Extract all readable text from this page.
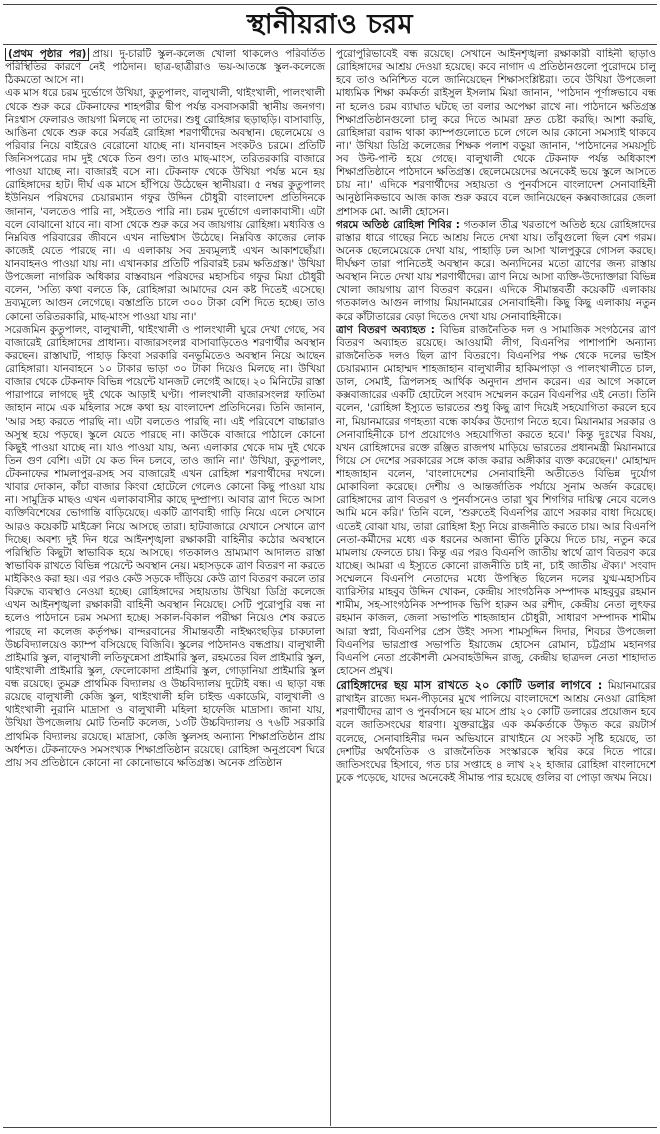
স্থানীয়রাও চরম

(প্রথম পৃষ্ঠার পর) প্রায়। দু-চারটি স্কুল-কলেজ খোলা থাকলেও পরিবর্তিত পরিস্থিতির কারণে নেই পাঠদান। ছাত্র-ছাত্রীরাও ভয়-আতঙ্কে স্কুল-কলেজে ঠিকমতো আসে না।

এক মাস ধরে চরম দুর্ভোগে উখিয়া, কুতুপালং, বালুখালী, থাইংখালী, পালংখালী থেকে শুরু করে টেকনাফের শাহপরীর দ্বীপ পর্যন্ত বসবাসকারী স্থানীয় জনগণ। নিঃশ্বাস ফেলারও জায়গা মিলছে না তাদের। শুধু রোহিঙ্গার ছড়াছড়ি। বাসাবাড়ি, আঙিনা থেকে শুরু করে সর্বত্রই রোহিঙ্গা শরণার্থীদের অবস্থান। ছেলেমেয়ে ও পরিবার নিয়ে বাইরেও বেরোনো যাচ্ছে না। যানবাহন সংকটও চরমে। প্রতিটি জিনিসপত্রের দাম দুই থেকে তিন গুণ। তাও মাছ-মাংস, তরিতরকারি বাজারে পাওয়া যাচ্ছে না। বাজারই বসে না। টেকনাফ থেকে উখিয়া পর্যন্ত মনে হয় রোহিঙ্গাদের হাট। দীর্ঘ এক মাসে হাঁপিয়ে উঠেছেন স্থানীয়রা। ৫ নম্বর কুতুপালং ইউনিয়ন পরিষদের চেয়ারম্যান গফুর উদ্দিন চৌধুরী বাংলাদেশ প্রতিদিনকে জানান, 'বলতেও পারি না, সইতেও পারি না। চরম দুর্ভোগে এলাকাবাসী। এটা বলে বোঝানো যাবে না। বাসা থেকে শুরু করে সব জায়গায় রোহিঙ্গা। মধ্যবিত্ত ও নিম্নবিত্ত পরিবারের জীবনে এখন নাভিশ্বাস উঠেছে। নিম্নবিত্ত কাজের লোক কাজেই যেতে পারছে না। এ এলাকায় সব দ্রব্যমূল্যই এখন আকাশছোঁয়া। যানবাহনও পাওয়া যায় না। এখানকার প্রতিটি পরিবারই চরম ক্ষতিগ্রস্ত।' উখিয়া উপজেলা নাগরিক অধিকার বাস্তবায়ন পরিষদের মহাসচিব গফুর মিয়া চৌধুরী বলেন, 'সত্যি কথা বলতে কি, রোহিঙ্গারা আমাদের যেন কষ্ট দিতেই এসেছে। দ্রব্যমূল্যে আগুন লেগেছে। বস্তাপ্রতি চালে ৩০০ টাকা বেশি দিতে হচ্ছে। তাও কোনো তরিতরকারি, মাছ-মাংস পাওয়া যায় না।'

সরেজমিন কুতুপালং, বালুখালী, থাইংখালী ও পালংখালী ঘুরে দেখা গেছে, সব বাজারেই রোহিঙ্গাদের প্রাধান্য। বাজারসংলগ্ন বাসাবাড়িতেও শরণার্থীর অবস্থান করছেন। রাস্তাঘাট, পাহাড় কিংবা সরকারি বনভূমিতেও অবস্থান নিয়ে আছেন রোহিঙ্গারা। যানবাহনে ১০ টাকার ভাড়া ৩০ টাকা দিয়েও মিলছে না। উখিয়া বাজার থেকে টেকনাফ বিভিন্ন পয়েন্টে যানজট লেগেই আছে। ২০ মিনিটের রাস্তা পারাপারে লাগছে দুই থেকে আড়াই ঘণ্টা। পালংখালী বাজারসংলগ্ন ফাতিমা জাহান নামে এক মহিলার সঙ্গে কথা হয় বাংলাদেশ প্রতিদিনের। তিনি জানান, 'আর সহ্য করতে পারছি না। এটা বলতেও পারছি না। এই পরিবেশে বাচ্চারাও অসুস্থ হয়ে পড়ছে। স্কুলে যেতে পারছে না। কাউকে বাজারে পাঠালে কোনো কিছুই পাওয়া যাচ্ছে না। যাও পাওয়া যায়, অন্য এলাকার থেকে দাম দুই থেকে তিন গুণ বেশি। এটা যে কত দিন চলবে, তাও জানি না।' উখিয়া, কুতুপালং, টেকনাফের শামলাপুর-রসহ সব বাজারেই এখন রোহিঙ্গা শরণার্থীদের দখলে। খাবার দোকান, কাঁচা বাজার কিংবা হোটেলে গেলেও কোনো কিছু পাওয়া যায় না। সামুদ্রিক মাছও এখন এলাকাবাসীর কাছে দুষ্প্রাপ্য। আবার ত্রাণ দিতে আসা ব্যক্তিবিশেষের ভোগান্তি বাড়িয়েছে। একটি ত্রাণবাহী গাড়ি নিয়ে এলে সেখানে আরও কয়েকটি মাইক্রো নিয়ে আসছে তারা। হাটবাজারে যেখানে সেখানে ত্রাণ দিচ্ছে। অবশ্য দুই দিন ধরে আইনশৃঙ্খলা রক্ষাকারী বাহিনীর কঠোর অবস্থানে পরিস্থিতি কিছুটা স্বাভাবিক হয়ে আসছে। গতকালও ভ্রাম্যমাণ আদালত রাস্তা স্বাভাবিক রাখতে বিভিন্ন পয়েন্টে অবস্থান নেয়। মহাসড়কে ত্রাণ বিতরণ না করতে মাইকিংও করা হয়। এর পরও কেউ সড়কে দাঁড়িয়ে কেউ ত্রাণ বিতরণ করলে তার বিরুদ্ধে ব্যবস্থাও নেওয়া হচ্ছে। রোহিঙ্গাদের সহায়তায় উখিয়া ডিগ্রি কলেজে এখন আইনশৃঙ্খলা রক্ষাকারী বাহিনী অবস্থান নিয়েছে। সেটি পুরোপুরি বন্ধ না হলেও পাঠদানে চরম সমস্যা হচ্ছে। সকাল-বিকাল পরীক্ষা নিয়েও শেষ করতে পারছে না কলেজ কর্তৃপক্ষ। বান্দরবানের সীমান্তবর্তী নাইক্ষ্যংছড়ির চাকঢালা উচ্চবিদ্যালয়েও ক্যাম্প বসিয়েছে বিজিবি। স্কুলের পাঠদানও বন্ধপ্রায়। বালুখালী প্রাইমারি স্কুল, বালুখালী লতিফুন্নেসা প্রাইমারি স্কুল, রহমতের বিল প্রাইমারি স্কুল, থাইংখালী প্রাইমারি স্কুল, ফেলোকোদা প্রাইমারি স্কুল, গোড়ানিয়া প্রাইমারি স্কুল বন্ধ রয়েছে। তুমব্রু প্রাথমিক বিদ্যালয় ও উচ্চবিদ্যালয় দুটোই বন্ধ। এ ছাড়া বন্ধ রয়েছে বালুখালী কেজি স্কুল, থাইংখালী হলি চাইল্ড একাডেমি, বালুখালী ও থাইংখালী নুরানি মাদ্রাসা ও বালুখালী মহিলা হাফেজি মাদ্রাসা। জানা যায়, উখিয়া উপজেলায় মোট তিনটি কলেজ, ১৩টি উচ্চবিদ্যালয় ও ৭৬টি সরকারি প্রাথমিক বিদ্যালয় রয়েছে। মাদ্রাসা, কেজি স্কুলসহ অন্যান্য শিক্ষাপ্রতিষ্ঠান প্রায় অর্ধশত। টেকনাফেও সমসংখ্যক শিক্ষাপ্রতিষ্ঠান রয়েছে। রোহিঙ্গা অনুপ্রবেশ ঘিরে প্রায় সব প্রতিষ্ঠানে কোনো না কোনোভাবে ক্ষতিগ্রস্ত। অনেক প্রতিষ্ঠান

পুরোপুরিভাবেই বন্ধ রয়েছে। সেখানে আইনশৃঙ্খলা রক্ষাকারী বাহিনী ছাড়াও রোহিঙ্গাদের আশ্রয় দেওয়া হয়েছে। কবে নাগাদ এ প্রতিষ্ঠানগুলো পুরোদমে চালু হবে তাও অনিশ্চিত বলে জানিয়েছেন শিক্ষাসংশ্লিষ্টরা। তবে উখিয়া উপজেলা মাধ্যমিক শিক্ষা কর্মকর্তা রাইসুল ইসলাম মিয়া জানান, 'পাঠদান পূর্ণাঙ্গভাবে বন্ধ না হলেও চরম ব্যাঘাত ঘটছে তা বলার অপেক্ষা রাখে না। পাঠদানে ক্ষতিগ্রস্ত শিক্ষাপ্রতিষ্ঠানগুলো চালু করে দিতে আমরা দ্রুত চেষ্টা করছি। আশা করছি, রোহিঙ্গারা বরাদ্দ থাকা ক্যাম্পগুলোতে চলে গেলে আর কোনো সমস্যাই থাকবে না।' উখিয়া ডিগ্রি কলেজের শিক্ষক পলাশ বড়ুয়া জানান, 'পাঠদানের সময়সূচি সব উল্ট-পাল্ট হয়ে গেছে। বালুখালী থেকে টেকনাফ পর্যন্ত অধিকাংশ শিক্ষাপ্রতিষ্ঠানে পাঠদানে ক্ষতিগ্রস্ত। ছেলেমেয়েদের অনেকেই ভয়ে স্কুলে আসতে চায় না।' এদিকে শরণার্থীদের সহায়তা ও পুনর্বাসনে বাংলাদেশ সেনাবাহিনী আনুষ্ঠানিকভাবে আজ কাজ শুরু করবে বলে জানিয়েছেন কক্সবাজারের জেলা প্রশাসক মো. আলী হোসেন।

গরমে অতিষ্ঠ রোহিঙ্গা শিবির : গতকাল তীব্র খরতাপে অতিষ্ঠ হয়ে রোহিঙ্গাদের রাস্তার ধারে গাছের নিচে আশ্রয় নিতে দেখা যায়। তাঁবুগুলো ছিল বেশ গরম। অনেক ছেলেমেয়েকে দেখা যায়, পাহাড়ি ঢল আসা খালপুকুরে গোসল করছে। দীর্ঘক্ষণ তারা পানিতেই অবস্থান করে। অন্যদিনের মতো ত্রাণের জন্য রাস্তায় অবস্থান নিতে দেখা যায় শরণার্থীদের। ত্রাণ নিয়ে আসা ব্যক্তি-উদ্যোক্তারা বিভিন্ন খোলা জায়গায় ত্রাণ বিতরণ করেন। এদিকে সীমান্তবর্তী কয়েকটি এলাকায় গতকালও আগুন লাগায় মিয়ানমারের সেনাবাহিনী। কিছু কিছু এলাকায় নতুন করে কাঁটাতারের বেড়া দিতেও দেখা যায় সেনাবাহিনীকে।

ত্রাণ বিতরণ অব্যাহত : বিভিন্ন রাজনৈতিক দল ও সামাজিক সংগঠনের ত্রাণ বিতরণ অব্যাহত রয়েছে। আওয়ামী লীগ, বিএনপির পাশাপাশি অন্যান্য রাজনৈতিক দলও ছিল ত্রাণ বিতরণে। বিএনপির পক্ষ থেকে দলের ভাইস চেয়ারম্যান মোহাম্মদ শাহজাহান বালুখালীর হাকিমপাড়া ও পালংখালীতে চাল, ডাল, সেমাই, ত্রিপলসহ আর্থিক অনুদান প্রদান করেন। এর আগে সকালে কক্সবাজারের একটি হোটেলে সংবাদ সম্মেলন করেন বিএনপির এই নেতা। তিনি বলেন, 'রোহিঙ্গা ইস্যুতে ভারতের শুধু কিছু ত্রাণ দিয়েই সহযোগিতা করলে হবে না, মিয়ানমারের গণহত্যা বন্ধে কার্যকর উদ্যোগ নিতে হবে। মিয়ানমার সরকার ও সেনাবাহিনীকে চাপ প্রয়োগেও সহযোগিতা করতে হবে।' কিন্তু দুঃখের বিষয়, যখন রোহিঙ্গাদের রক্তে রঞ্জিত রাজপথ মাড়িয়ে ভারতের প্রধানমন্ত্রী মিয়ানমারে গিয়ে সে দেশের সরকারের সঙ্গে কাজ করার অঙ্গীকার ব্যক্ত করেছেন।' মোহাম্মদ শাহজাহান বলেন, 'বাংলাদেশের সেনাবাহিনী অতীতেও বিভিন্ন দুর্যোগ মোকাবিলা করেছে। দেশীয় ও আন্তর্জাতিক পর্যায়ে সুনাম অর্জন করেছে। রোহিঙ্গাদের ত্রাণ বিতরণ ও পুনর্বাসনেও তারা খুব শিগগির দায়িত্ব নেবে বলেও আমি মনে করি।' তিনি বলে, 'শুরুতেই বিএনপির ত্রাণে সরকার বাধা দিয়েছে। এতেই বোঝা যায়, তারা রোহিঙ্গা ইস্যু নিয়ে রাজনীতি করতে চায়। আর বিএনপি নেতা-কর্মীদের মধ্যে এক ধরনের অজানা ভীতি ঢুকিয়ে দিতে চায়, নতুন করে মামলায় ফেলতে চায়। কিন্তু এর পরও বিএনপি জাতীয় স্বার্থে ত্রাণ বিতরণ করে যাচ্ছে। আমরা এ ইস্যুতে কোনো রাজনীতি চাই না, চাই জাতীয় ঐক্য।' সংবাদ সম্মেলনে বিএনপি নেতাদের মধ্যে উপস্থিত ছিলেন দলের যুগ্ম-মহাসচিব ব্যারিস্টার মাহবুব উদ্দিন খোকন, কেন্দ্রীয় সাংগঠনিক সম্পাদক মাহবুবুর রহমান শামীম, সহ-সাংগঠনিক সম্পাদক ভিপি হারুন অর রশীদ, কেন্দ্রীয় নেতা লুৎফর রহমান কাজল, জেলা সভাপতি শাহজাহান চৌধুরী, সাধারণ সম্পাদক শামীম আরা স্বপ্না, বিএনপির প্রেস উইং সদস্য শামসুদ্দিন দিদার, শিবচর উপজেলা বিএনপির ভারপ্রাপ্ত সভাপতি ইয়াজেম হোসেন রোমান, চট্টগ্রাম মহানগর বিএনপি নেতা প্রকৌশলী মেসবাহউদ্দিন রাজু, কেন্দ্রীয় ছাত্রদল নেতা শাহাদাত হোসেন প্রমুখ।

রোহিঙ্গাদের ছয় মাস রাখতে ২০ কোটি ডলার লাগবে : মিয়ানমারের রাখাইন রাজ্যে দমন-পীড়নের মুখে পালিয়ে বাংলাদেশে আশ্রয় নেওয়া রোহিঙ্গা শরণার্থীদের ত্রাণ ও পুনর্বাসনে ছয় মাসে প্রায় ২০ কোটি ডলারের প্রয়োজন হবে বলে জাতিসংঘের ধারণা। যুক্তরাষ্ট্রের এক কর্মকর্তাকে উদ্ধৃত করে রয়টার্স বলেছে, সেনাবাহিনীর দমন অভিযানে রাখাইনে যে সংকট সৃষ্টি হয়েছে, তা দেশটির অর্থনৈতিক ও রাজনৈতিক সংস্কারকে স্থবির করে দিতে পারে। জাতিসংঘের হিসাবে, গত চার সপ্তাহে ৪ লাখ ২২ হাজার রোহিঙ্গা বাংলাদেশে ঢুকে পড়েছে, যাদের অনেকেই সীমান্ত পার হয়েছে গুলির বা পোড়া জখম নিয়ে।
